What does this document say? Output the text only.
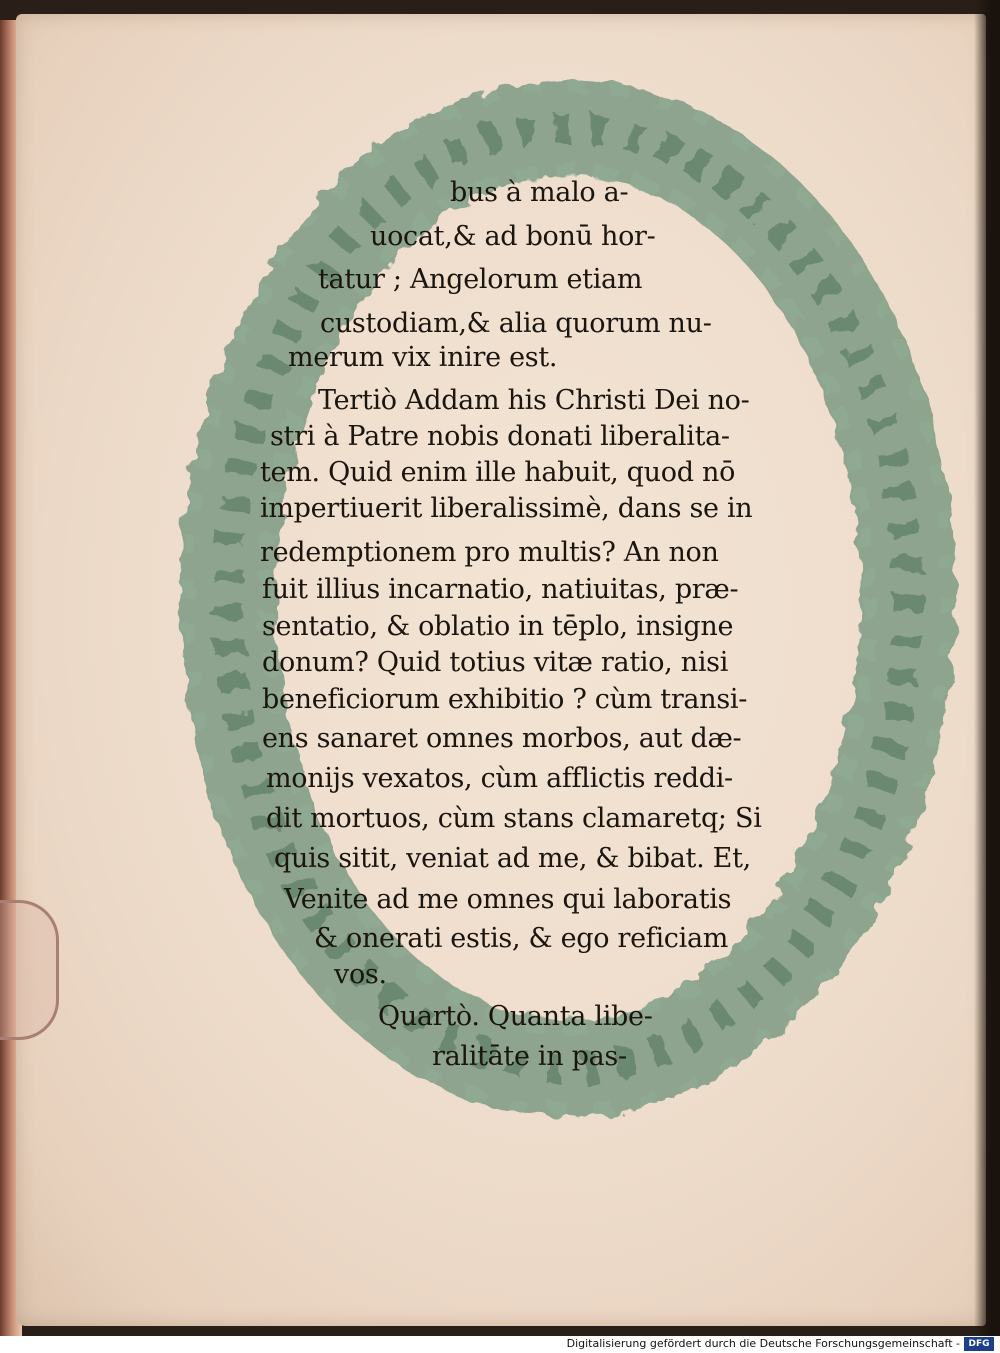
bus à malo a-
uocat,& ad bonū hor-
tatur ; Angelorum etiam
custodiam,& alia quorum nu-
merum vix inire est.
Tertiò Addam his Christi Dei no-
stri à Patre nobis donati liberalita-
tem. Quid enim ille habuit, quod nō
impertiuerit liberalissimè, dans se in
redemptionem pro multis? An non
fuit illius incarnatio, natiuitas, præ-
sentatio, & oblatio in tēplo, insigne
donum? Quid totius vitæ ratio, nisi
beneficiorum exhibitio ? cùm transi-
ens sanaret omnes morbos, aut dæ-
monijs vexatos, cùm afflictis reddi-
dit mortuos, cùm stans clamaretq; Si
quis sitit, veniat ad me, & bibat. Et,
Venite ad me omnes qui laboratis
& onerati estis, & ego reficiam
vos.
Quartò. Quanta libe-
ralitāte in pas-
Digitalisierung gefördert durch die Deutsche Forschungsgemeinschaft - DFG
